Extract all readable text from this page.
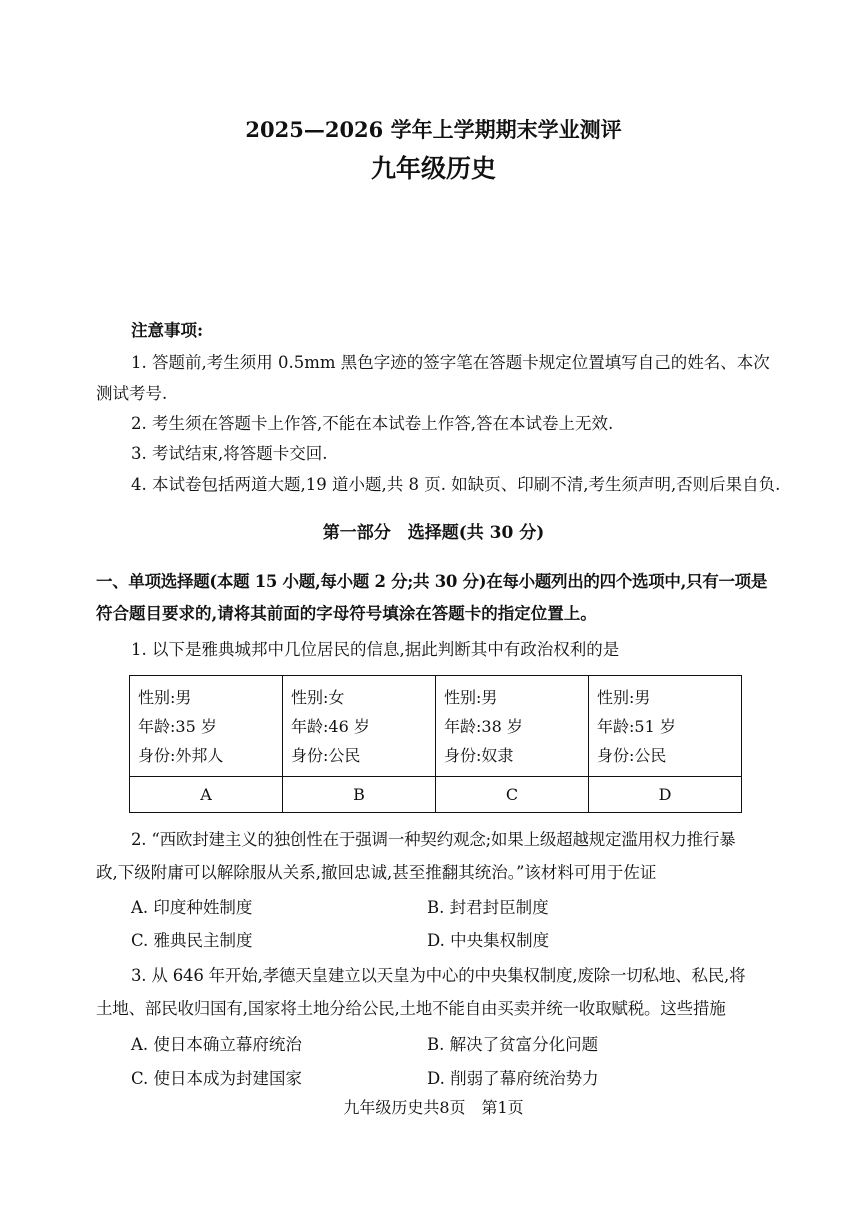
2025—2026 学年上学期期末学业测评
九年级历史
注意事项:
1. 答题前,考生须用 0.5mm 黑色字迹的签字笔在答题卡规定位置填写自己的姓名、本次
测试考号.
2. 考生须在答题卡上作答,不能在本试卷上作答,答在本试卷上无效.
3. 考试结束,将答题卡交回.
4. 本试卷包括两道大题,19 道小题,共 8 页. 如缺页、印刷不清,考生须声明,否则后果自负.
第一部分　选择题(共 30 分)
一、单项选择题(本题 15 小题,每小题 2 分;共 30 分)在每小题列出的四个选项中,只有一项是
符合题目要求的,请将其前面的字母符号填涂在答题卡的指定位置上。
1. 以下是雅典城邦中几位居民的信息,据此判断其中有政治权利的是
性别:男
年龄:35 岁
身份:外邦人	性别:女
年龄:46 岁
身份:公民	性别:男
年龄:38 岁
身份:奴隶	性别:男
年龄:51 岁
身份:公民

A	B	C	D
2. “西欧封建主义的独创性在于强调一种契约观念;如果上级超越规定滥用权力推行暴
政,下级附庸可以解除服从关系,撤回忠诚,甚至推翻其统治。”该材料可用于佐证
A. 印度种姓制度	B. 封君封臣制度
C. 雅典民主制度	D. 中央集权制度
3. 从 646 年开始,孝德天皇建立以天皇为中心的中央集权制度,废除一切私地、私民,将
土地、部民收归国有,国家将土地分给公民,土地不能自由买卖并统一收取赋税。这些措施
A. 使日本确立幕府统治	B. 解决了贫富分化问题
C. 使日本成为封建国家	D. 削弱了幕府统治势力
九年级历史共8页　第1页
